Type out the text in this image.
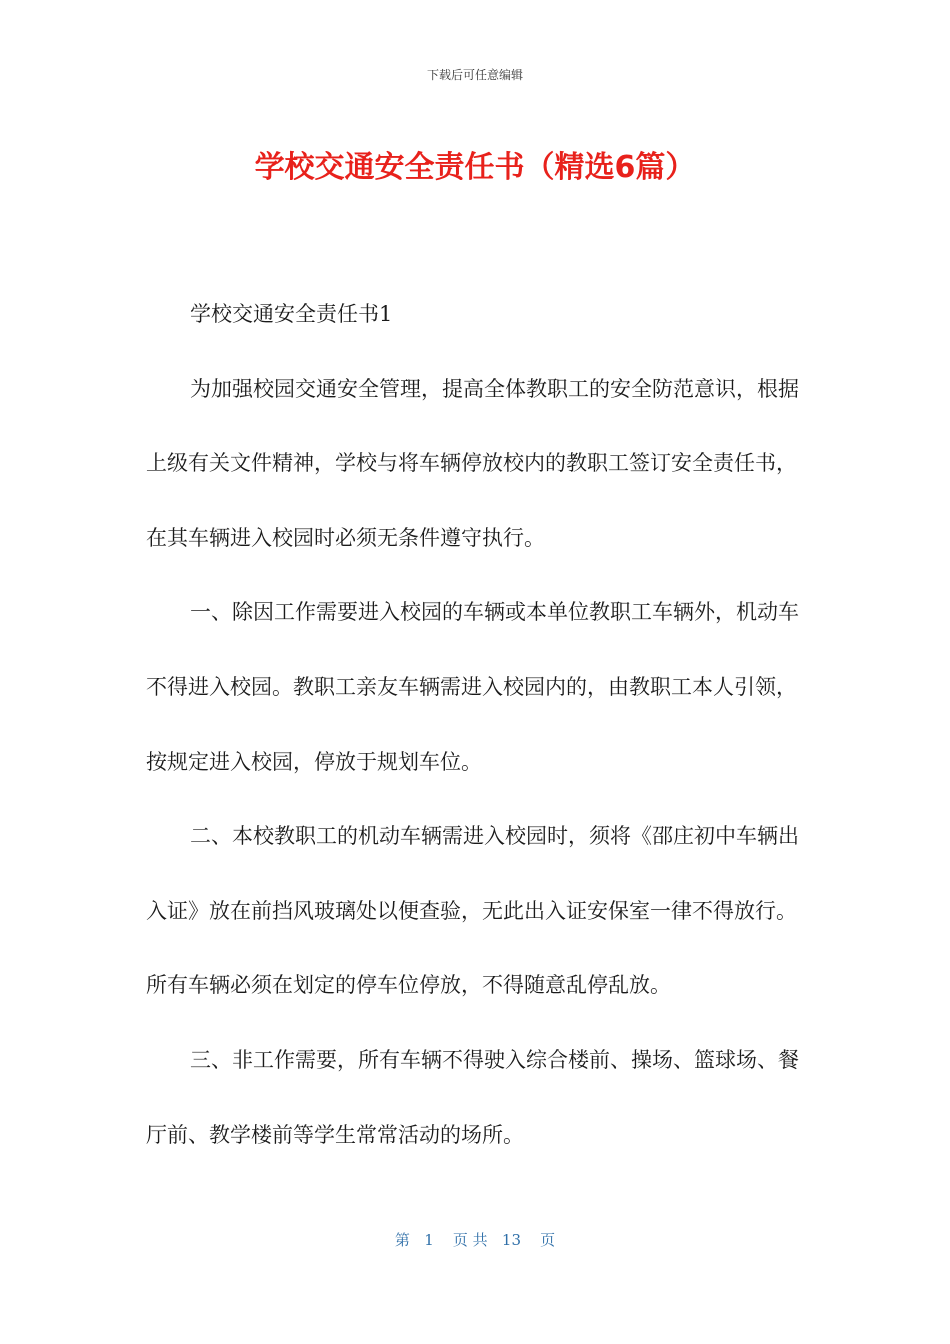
下载后可任意编辑
学校交通安全责任书（精选6篇）

学校交通安全责任书1

为加强校园交通安全管理，提高全体教职工的安全防范意识，根据上级有关文件精神，学校与将车辆停放校内的教职工签订安全责任书，在其车辆进入校园时必须无条件遵守执行。

一、除因工作需要进入校园的车辆或本单位教职工车辆外，机动车不得进入校园。教职工亲友车辆需进入校园内的，由教职工本人引领，按规定进入校园，停放于规划车位。

二、本校教职工的机动车辆需进入校园时，须将《邵庄初中车辆出入证》放在前挡风玻璃处以便查验，无此出入证安保室一律不得放行。所有车辆必须在划定的停车位停放，不得随意乱停乱放。

三、非工作需要，所有车辆不得驶入综合楼前、操场、篮球场、餐厅前、教学楼前等学生常常活动的场所。

第 1 页 共 13 页
